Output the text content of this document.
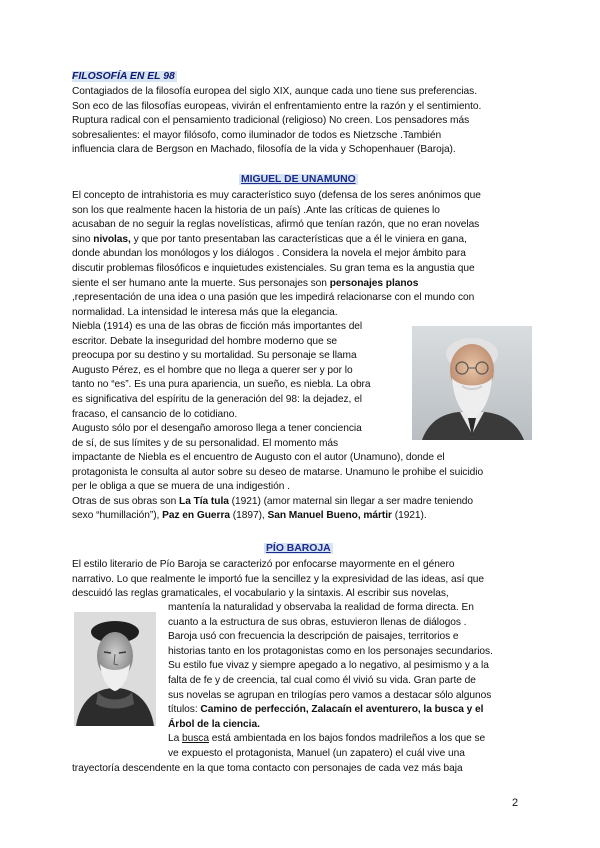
FILOSOFÍA EN EL 98
Contagiados de la filosofía europea del siglo XIX, aunque cada uno tiene sus preferencias.
Son eco de las filosofías europeas, vivirán el enfrentamiento entre la razón y el sentimiento.
Ruptura radical con el pensamiento tradicional (religioso) No creen. Los pensadores más
sobresalientes: el mayor filósofo, como iluminador de todos es Nietzsche .También
influencia clara de Bergson en Machado, filosofía de la vida y Schopenhauer (Baroja).
MIGUEL DE UNAMUNO
El concepto de intrahistoria es muy característico suyo (defensa de los seres anónimos que
son los que realmente hacen la historia de un país) .Ante las críticas de quienes lo
acusaban de no seguir la reglas novelísticas, afirmó que tenían razón, que no eran novelas
sino nivolas, y que por tanto presentaban las características que a él le viniera en gana,
donde abundan los monólogos y los diálogos . Considera la novela el mejor ámbito para
discutir problemas filosóficos e inquietudes existenciales. Su gran tema es la angustia que
siente el ser humano ante la muerte. Sus personajes son personajes planos
,representación de una idea o una pasión que les impedirá relacionarse con el mundo con
normalidad. La intensidad le interesa más que la elegancia.
Niebla (1914) es una de las obras de ficción más importantes del
escritor. Debate la inseguridad del hombre moderno que se
preocupa por su destino y su mortalidad. Su personaje se llama
Augusto Pérez, es el hombre que no llega a querer ser y por lo
tanto no “es”. Es una pura apariencia, un sueño, es niebla. La obra
es significativa del espíritu de la generación del 98: la dejadez, el
fracaso, el cansancio de lo cotidiano.
Augusto sólo por el desengaño amoroso llega a tener conciencia
de sí, de sus límites y de su personalidad. El momento más
impactante de Niebla es el encuentro de Augusto con el autor (Unamuno), donde el
protagonista le consulta al autor sobre su deseo de matarse. Unamuno le prohibe el suicidio
per le obliga a que se muera de una indigestión .
Otras de sus obras son La Tía tula (1921) (amor maternal sin llegar a ser madre teniendo
sexo “humillación”), Paz en Guerra (1897), San Manuel Bueno, mártir (1921).
PÍO BAROJA
El estilo literario de Pío Baroja se caracterizó por enfocarse mayormente en el género
narrativo. Lo que realmente le importó fue la sencillez y la expresividad de las ideas, así que
descuidó las reglas gramaticales, el vocabulario y la sintaxis. Al escribir sus novelas,
mantenía la naturalidad y observaba la realidad de forma directa. En
cuanto a la estructura de sus obras, estuvieron llenas de diálogos .
Baroja usó con frecuencia la descripción de paisajes, territorios e
historias tanto en los protagonistas como en los personajes secundarios.
Su estilo fue vivaz y siempre apegado a lo negativo, al pesimismo y a la
falta de fe y de creencia, tal cual como él vivió su vida. Gran parte de
sus novelas se agrupan en trilogías pero vamos a destacar sólo algunos
títulos: Camino de perfección, Zalacaín el aventurero, la busca y el
Árbol de la ciencia.
La busca está ambientada en los bajos fondos madrileños a los que se
ve expuesto el protagonista, Manuel (un zapatero) el cuál vive una
trayectoría descendente en la que toma contacto con personajes de cada vez más baja
2
